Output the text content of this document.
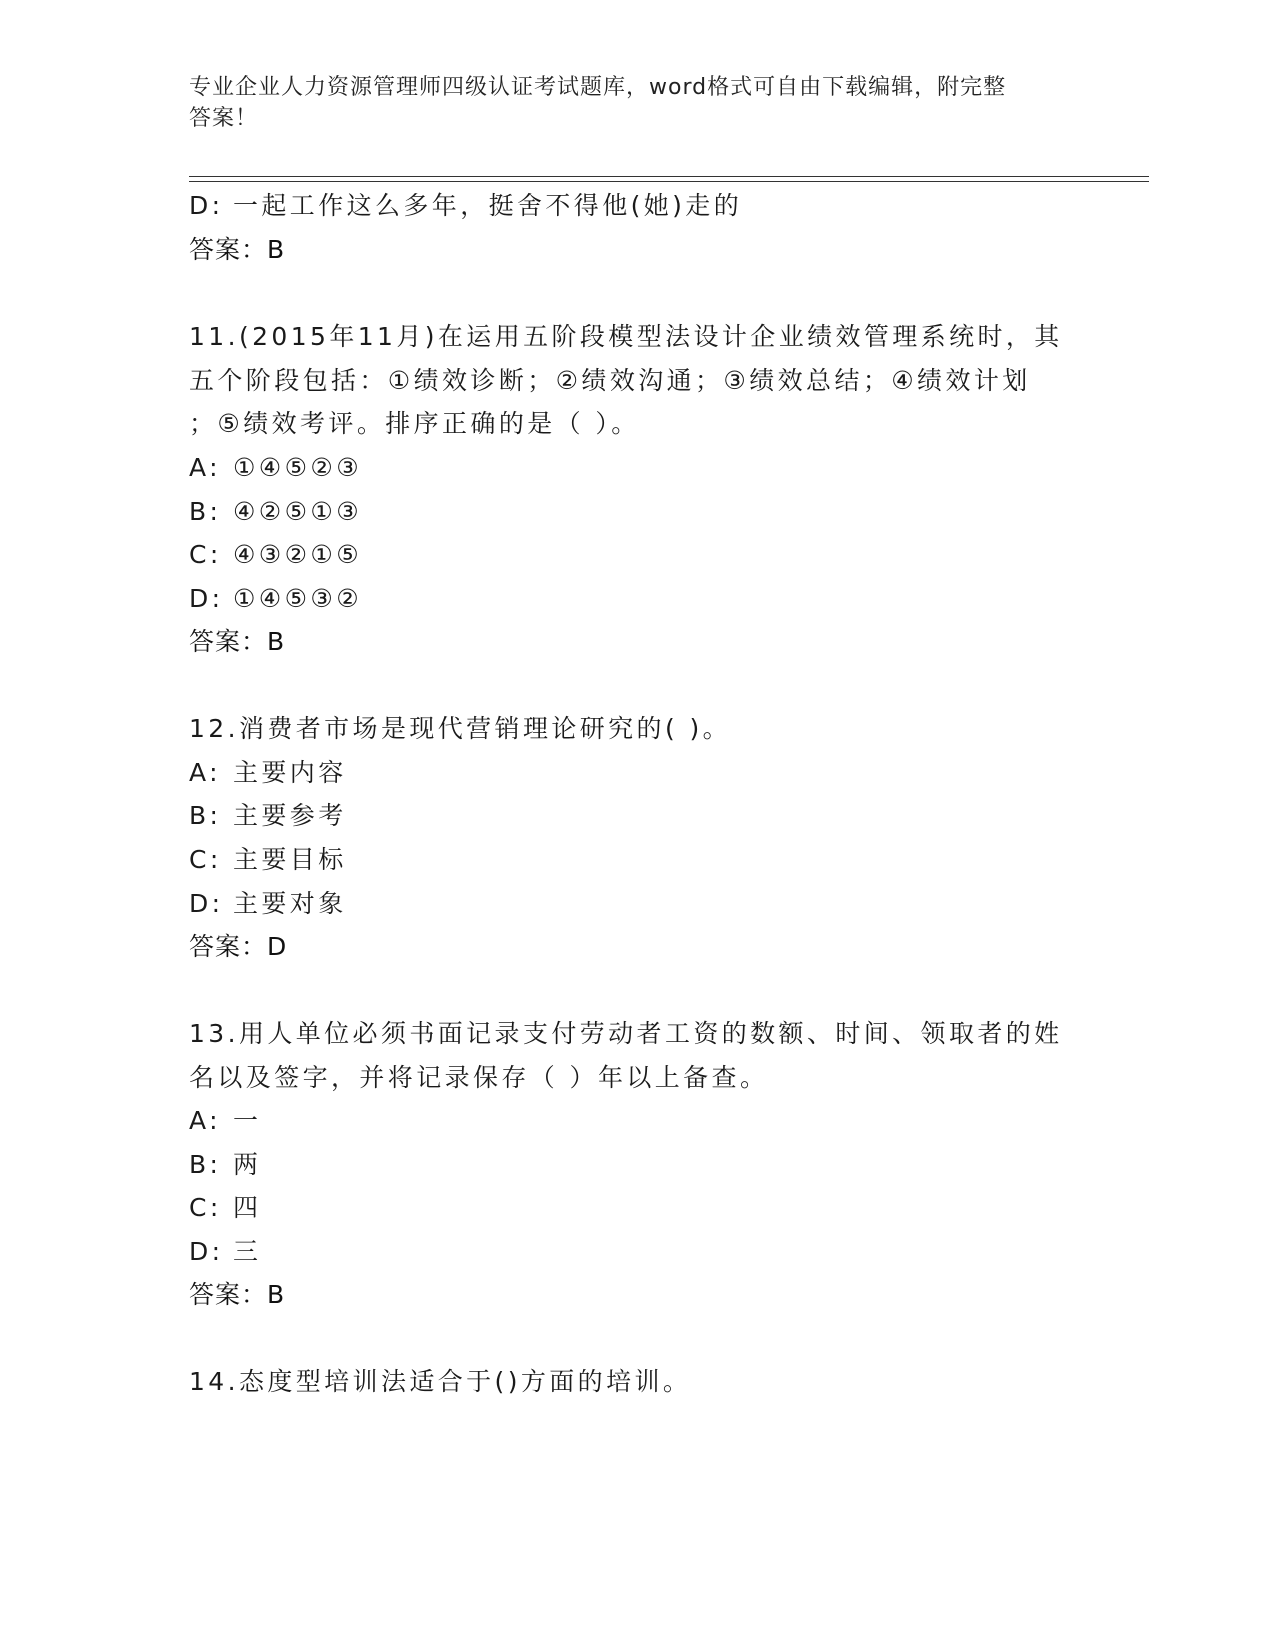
专业企业人力资源管理师四级认证考试题库，word格式可自由下载编辑，附完整
答案！
D: 一起工作这么多年，挺舍不得他(她)走的
答案：B
11.(2015年11月)在运用五阶段模型法设计企业绩效管理系统时，其
五个阶段包括：①绩效诊断；②绩效沟通；③绩效总结；④绩效计划
；⑤绩效考评。排序正确的是（ ）。
A: ①④⑤②③
B: ④②⑤①③
C: ④③②①⑤
D: ①④⑤③②
答案：B
12.消费者市场是现代营销理论研究的( )。
A: 主要内容
B: 主要参考
C: 主要目标
D: 主要对象
答案：D
13.用人单位必须书面记录支付劳动者工资的数额、时间、领取者的姓
名以及签字，并将记录保存（ ）年以上备查。
A: 一
B: 两
C: 四
D: 三
答案：B
14.态度型培训法适合于()方面的培训。
